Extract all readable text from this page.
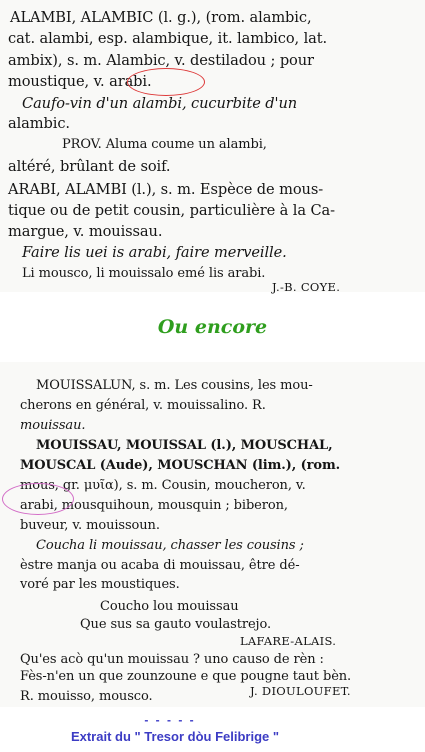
ALAMBI, ALAMBIC (l. g.), (rom. alambic,
cat. alambi, esp. alambique, it. lambico, lat.
ambix), s. m. Alambic, v. destiladou ; pour
moustique, v. arabi.
Caufo-vin d'un alambi, cucurbite d'un
alambic.
PROV. Aluma coume un alambi,
altéré, brûlant de soif.
ARABI, ALAMBI (l.), s. m. Espèce de mous-
tique ou de petit cousin, particulière à la Ca-
margue, v. mouissau.
Faire lis uei is arabi, faire merveille.
Li mousco, li mouissalo emé lis arabi.
J.-B. COYE.
Ou encore
MOUISSALUN, s. m. Les cousins, les mou-
cherons en général, v. mouissalino. R.
mouissau.
MOUISSAU, MOUISSAL (l.), MOUSCHAL,
MOUSCAL (Aude), MOUSCHAN (lim.), (rom.
mous, gr. μυῖα), s. m. Cousin, moucheron, v.
arabi, mousquihoun, mousquin ; biberon,
buveur, v. mouissoun.
Coucha li mouissau, chasser les cousins ;
èstre manja ou acaba di mouissau, être dé-
voré par les moustiques.
Coucho lou mouissau
Que sus sa gauto voulastrejo.
LAFARE-ALAIS.
Qu'es acò qu'un mouissau ? uno causo de rèn :
Fès-n'en un que zounzoune e que pougne taut bèn.
J. DIOULOUFET.
R. mouisso, mousco.
- - - - -
Extrait du " Tresor dòu Felibrige "
